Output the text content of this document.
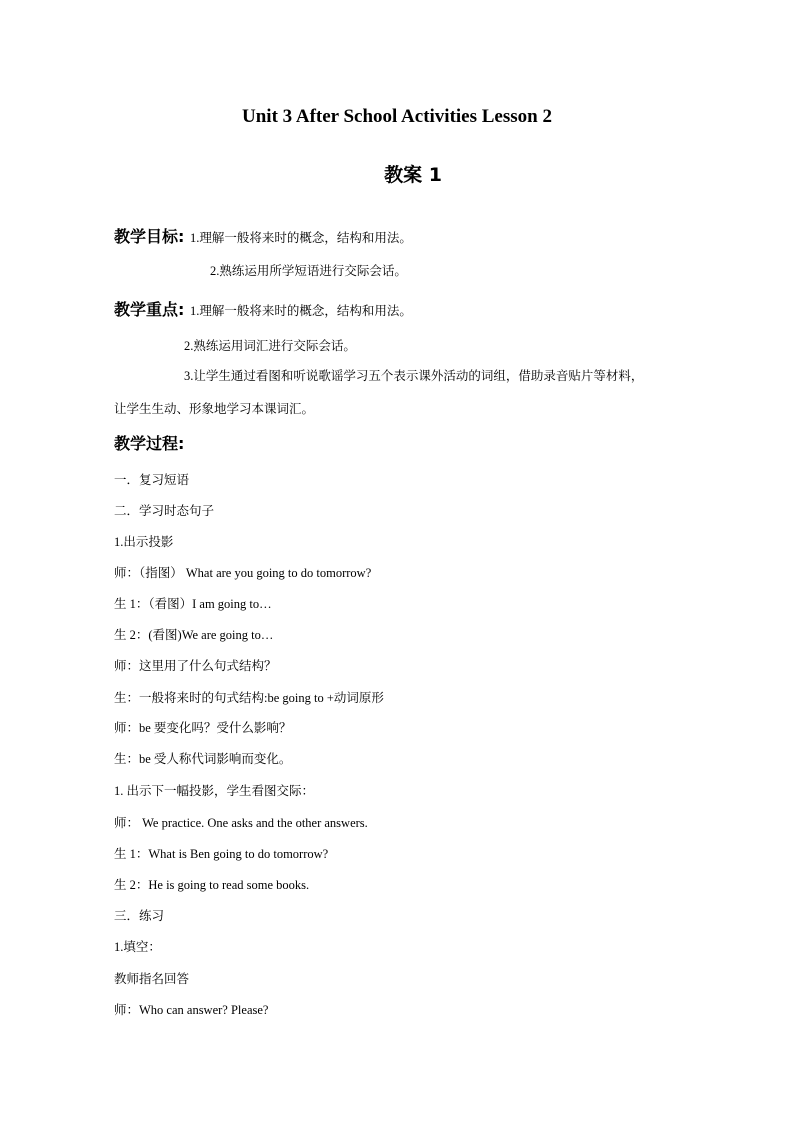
Unit 3 After School Activities Lesson 2
教案 1
教学目标: 1.理解一般将来时的概念，结构和用法。
2.熟练运用所学短语进行交际会话。
教学重点: 1.理解一般将来时的概念，结构和用法。
2.熟练运用词汇进行交际会话。
3.让学生通过看图和听说歌谣学习五个表示课外活动的词组，借助录音贴片等材料，
让学生生动、形象地学习本课词汇。
教学过程:
一．复习短语
二．学习时态句子
1.出示投影
师：（指图） What are you going to do tomorrow?
生 1：（看图）I am going to…
生 2：(看图)We are going to…
师：这里用了什么句式结构？
生：一般将来时的句式结构:be going to +动词原形
师：be 要变化吗？受什么影响？
生：be 受人称代词影响而变化。
1. 出示下一幅投影，学生看图交际：
师： We practice. One asks and the other answers.
生 1：What is Ben going to do tomorrow?
生 2：He is going to read some books.
三．练习
1.填空：
教师指名回答
师：Who can answer? Please?
